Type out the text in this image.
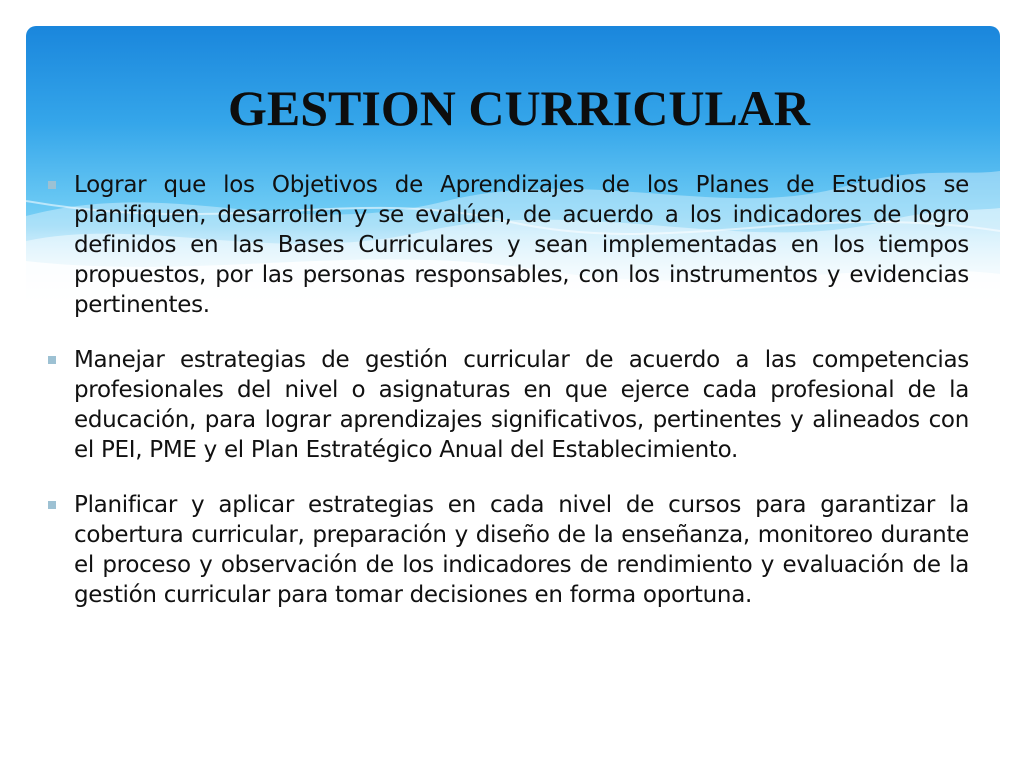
GESTION CURRICULAR
Lograr que los Objetivos de Aprendizajes de los Planes de Estudios se planifiquen, desarrollen y se evalúen, de acuerdo a los indicadores de logro definidos en las Bases Curriculares y sean implementadas en los tiempos propuestos, por las personas responsables, con los instrumentos y evidencias pertinentes.
Manejar estrategias de gestión curricular de acuerdo a las competencias profesionales del nivel o asignaturas en que ejerce cada profesional de la educación, para lograr aprendizajes significativos, pertinentes y alineados con el PEI, PME y el Plan Estratégico Anual del Establecimiento.
Planificar y aplicar estrategias en cada nivel de cursos para garantizar la cobertura curricular, preparación y diseño de la enseñanza, monitoreo durante el proceso y observación de los indicadores de rendimiento y evaluación de la gestión curricular para tomar decisiones en forma oportuna.
